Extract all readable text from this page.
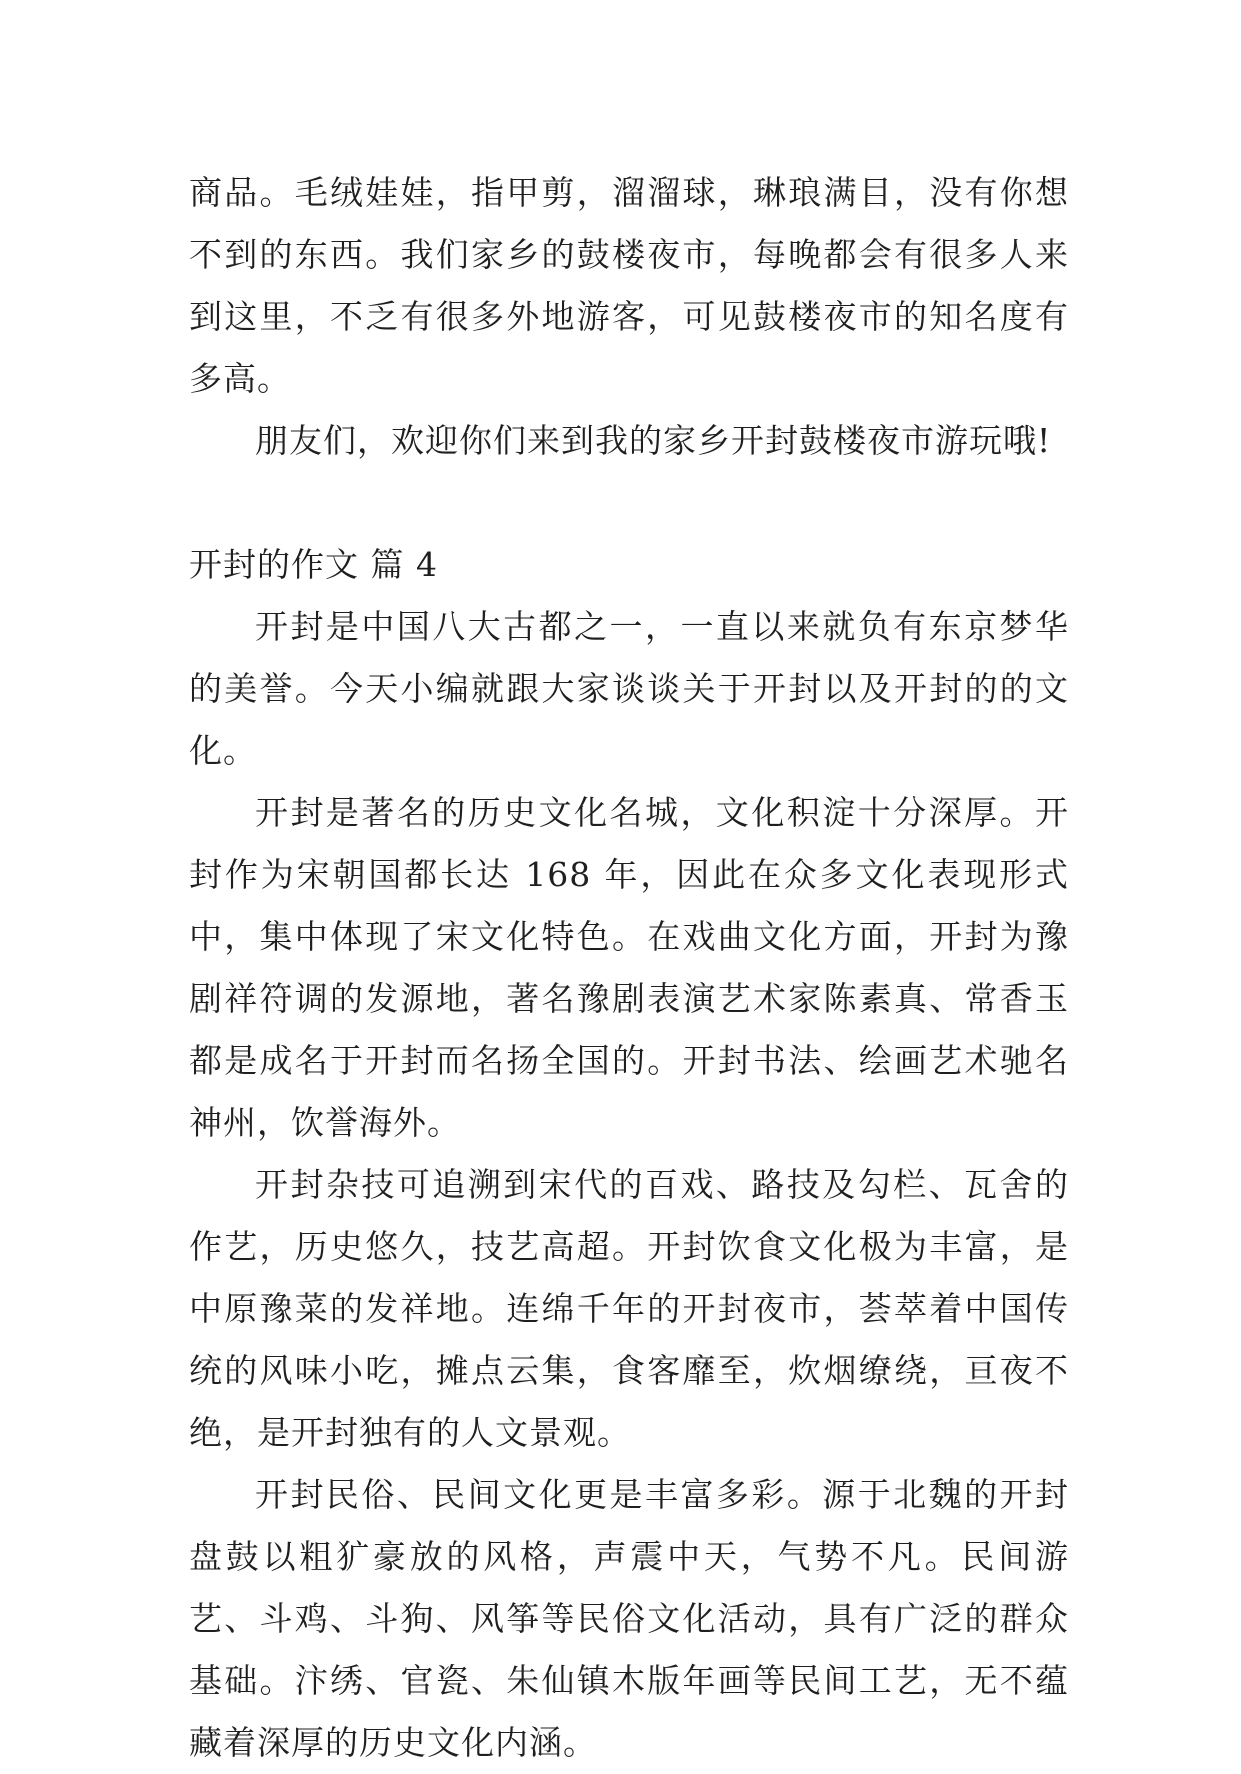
商品。毛绒娃娃，指甲剪，溜溜球，琳琅满目，没有你想不到的东西。我们家乡的鼓楼夜市，每晚都会有很多人来到这里，不乏有很多外地游客，可见鼓楼夜市的知名度有多高。

朋友们，欢迎你们来到我的家乡开封鼓楼夜市游玩哦!

开封的作文 篇 4

开封是中国八大古都之一，一直以来就负有东京梦华的美誉。今天小编就跟大家谈谈关于开封以及开封的的文化。

开封是著名的历史文化名城，文化积淀十分深厚。开封作为宋朝国都长达 168 年，因此在众多文化表现形式中，集中体现了宋文化特色。在戏曲文化方面，开封为豫剧祥符调的发源地，著名豫剧表演艺术家陈素真、常香玉都是成名于开封而名扬全国的。开封书法、绘画艺术驰名神州，饮誉海外。

开封杂技可追溯到宋代的百戏、路技及勾栏、瓦舍的作艺，历史悠久，技艺高超。开封饮食文化极为丰富，是中原豫菜的发祥地。连绵千年的开封夜市，荟萃着中国传统的风味小吃，摊点云集，食客靡至，炊烟缭绕，亘夜不绝，是开封独有的人文景观。

开封民俗、民间文化更是丰富多彩。源于北魏的开封盘鼓以粗犷豪放的风格，声震中天，气势不凡。民间游艺、斗鸡、斗狗、风筝等民俗文化活动，具有广泛的群众基础。汴绣、官瓷、朱仙镇木版年画等民间工艺，无不蕴藏着深厚的历史文化内涵。
